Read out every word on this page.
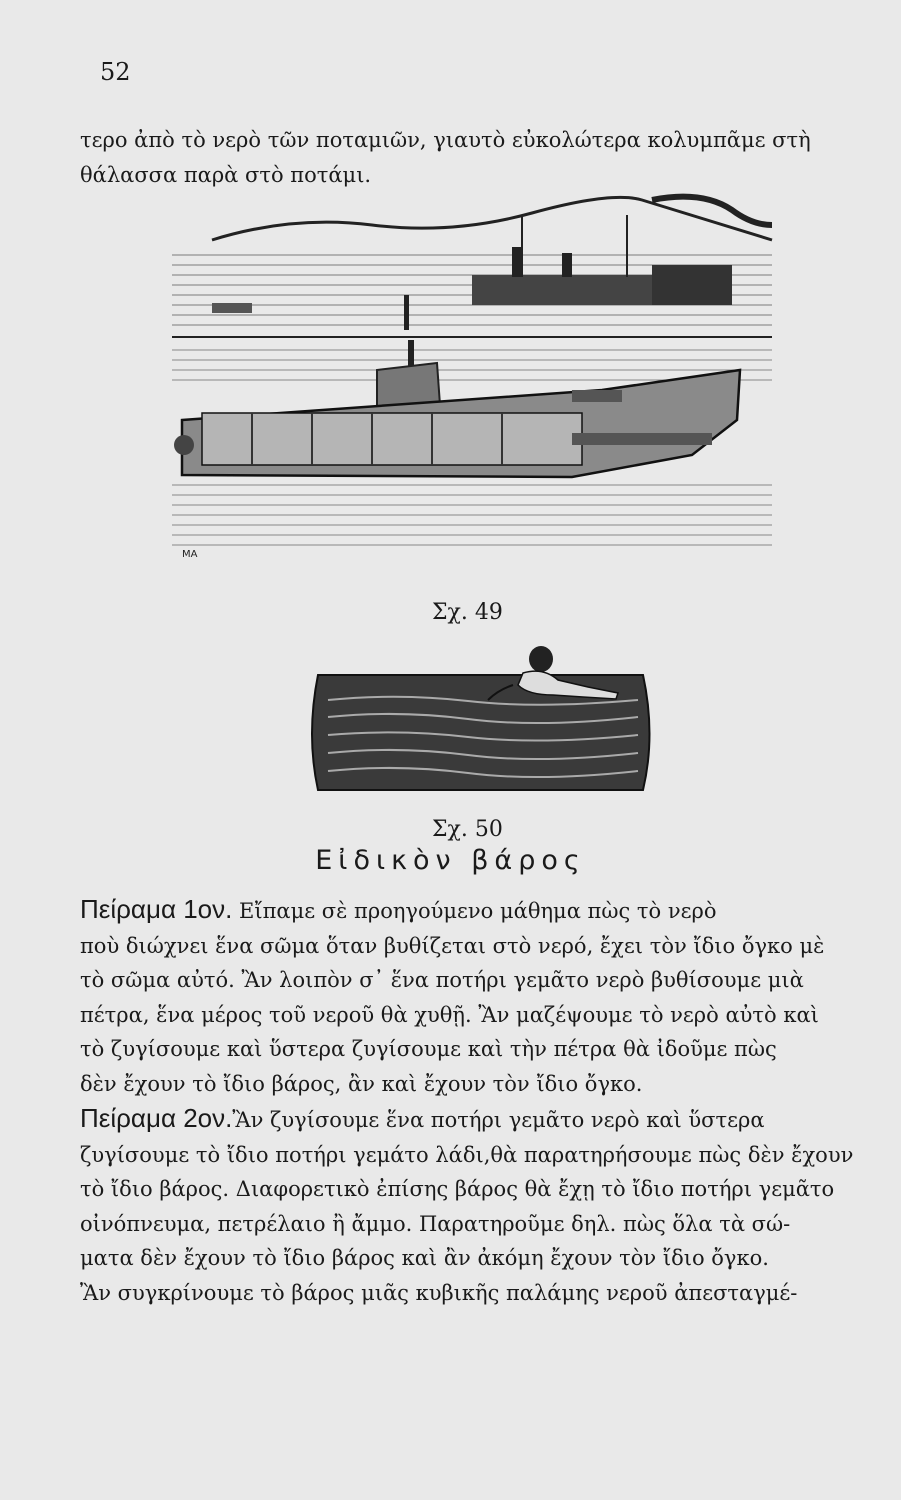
52
τερο ἀπὸ τὸ νερὸ τῶν ποταμιῶν, γιαυτὸ εὐκολώτερα κολυμπᾶμε στὴ
θάλασσα παρὰ στὸ ποτάμι.
MA
Σχ. 49
Σχ. 50
Εἰδικὸν βάρος
Πείραμα 1ον. Εἴπαμε σὲ προηγούμενο μάθημα πὼς τὸ νερὸ
ποὺ διώχνει ἕνα σῶμα ὅταν βυθίζεται στὸ νερό, ἔχει τὸν ἴδιο ὄγκο μὲ
τὸ σῶμα αὐτό. Ἂν λοιπὸν σ᾽ ἕνα ποτήρι γεμᾶτο νερὸ βυθίσουμε μιὰ
πέτρα, ἕνα μέρος τοῦ νεροῦ θὰ χυθῇ. Ἂν μαζέψουμε τὸ νερὸ αὐτὸ καὶ
τὸ ζυγίσουμε καὶ ὕστερα ζυγίσουμε καὶ τὴν πέτρα θὰ ἰδοῦμε πὼς
δὲν ἔχουν τὸ ἴδιο βάρος, ἂν καὶ ἔχουν τὸν ἴδιο ὄγκο.
Πείραμα 2ον.Ἂν ζυγίσουμε ἕνα ποτήρι γεμᾶτο νερὸ καὶ ὕστερα
ζυγίσουμε τὸ ἴδιο ποτήρι γεμάτο λάδι,θὰ παρατηρήσουμε πὼς δὲν ἔχουν
τὸ ἴδιο βάρος. Διαφορετικὸ ἐπίσης βάρος θὰ ἔχῃ τὸ ἴδιο ποτήρι γεμᾶτο
οἰνόπνευμα, πετρέλαιο ἢ ἄμμο. Παρατηροῦμε δηλ. πὼς ὅλα τὰ σώ-
ματα δὲν ἔχουν τὸ ἴδιο βάρος καὶ ἂν ἀκόμη ἔχουν τὸν ἴδιο ὄγκο.
Ἂν συγκρίνουμε τὸ βάρος μιᾶς κυβικῆς παλάμης νεροῦ ἀπεσταγμέ-
